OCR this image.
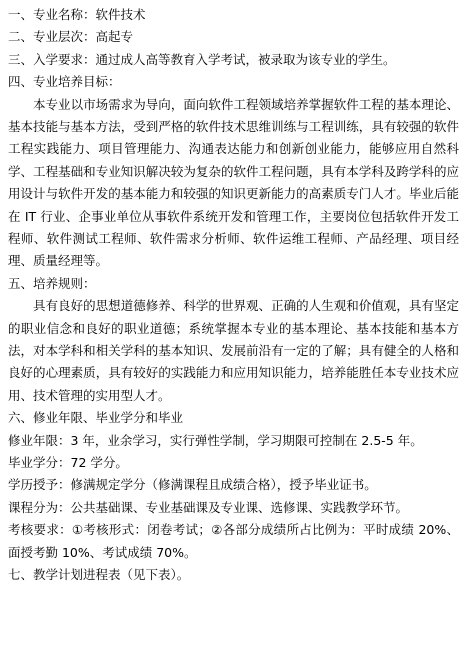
一、专业名称：软件技术
二、专业层次：高起专
三、入学要求：通过成人高等教育入学考试，被录取为该专业的学生。
四、专业培养目标：

本专业以市场需求为导向，面向软件工程领域培养掌握软件工程的基本理论、基本技能与基本方法，受到严格的软件技术思维训练与工程训练，具有较强的软件工程实践能力、项目管理能力、沟通表达能力和创新创业能力，能够应用自然科学、工程基础和专业知识解决较为复杂的软件工程问题，具有本学科及跨学科的应用设计与软件开发的基本能力和较强的知识更新能力的高素质专门人才。毕业后能在 IT 行业、企事业单位从事软件系统开发和管理工作，主要岗位包括软件开发工程师、软件测试工程师、软件需求分析师、软件运维工程师、产品经理、项目经理、质量经理等。

五、培养规则：

具有良好的思想道德修养、科学的世界观、正确的人生观和价值观，具有坚定的职业信念和良好的职业道德；系统掌握本专业的基本理论、基本技能和基本方法，对本学科和相关学科的基本知识、发展前沿有一定的了解；具有健全的人格和良好的心理素质，具有较好的实践能力和应用知识能力，培养能胜任本专业技术应用、技术管理的实用型人才。

六、修业年限、毕业学分和毕业
修业年限：3 年，业余学习，实行弹性学制，学习期限可控制在 2.5-5 年。
毕业学分：72 学分。
学历授予：修满规定学分（修满课程且成绩合格），授予毕业证书。
课程分为：公共基础课、专业基础课及专业课、选修课、实践教学环节。

考核要求：①考核形式：闭卷考试；②各部分成绩所占比例为：平时成绩 20%、面授考勤 10%、考试成绩 70%。

七、教学计划进程表（见下表）。
